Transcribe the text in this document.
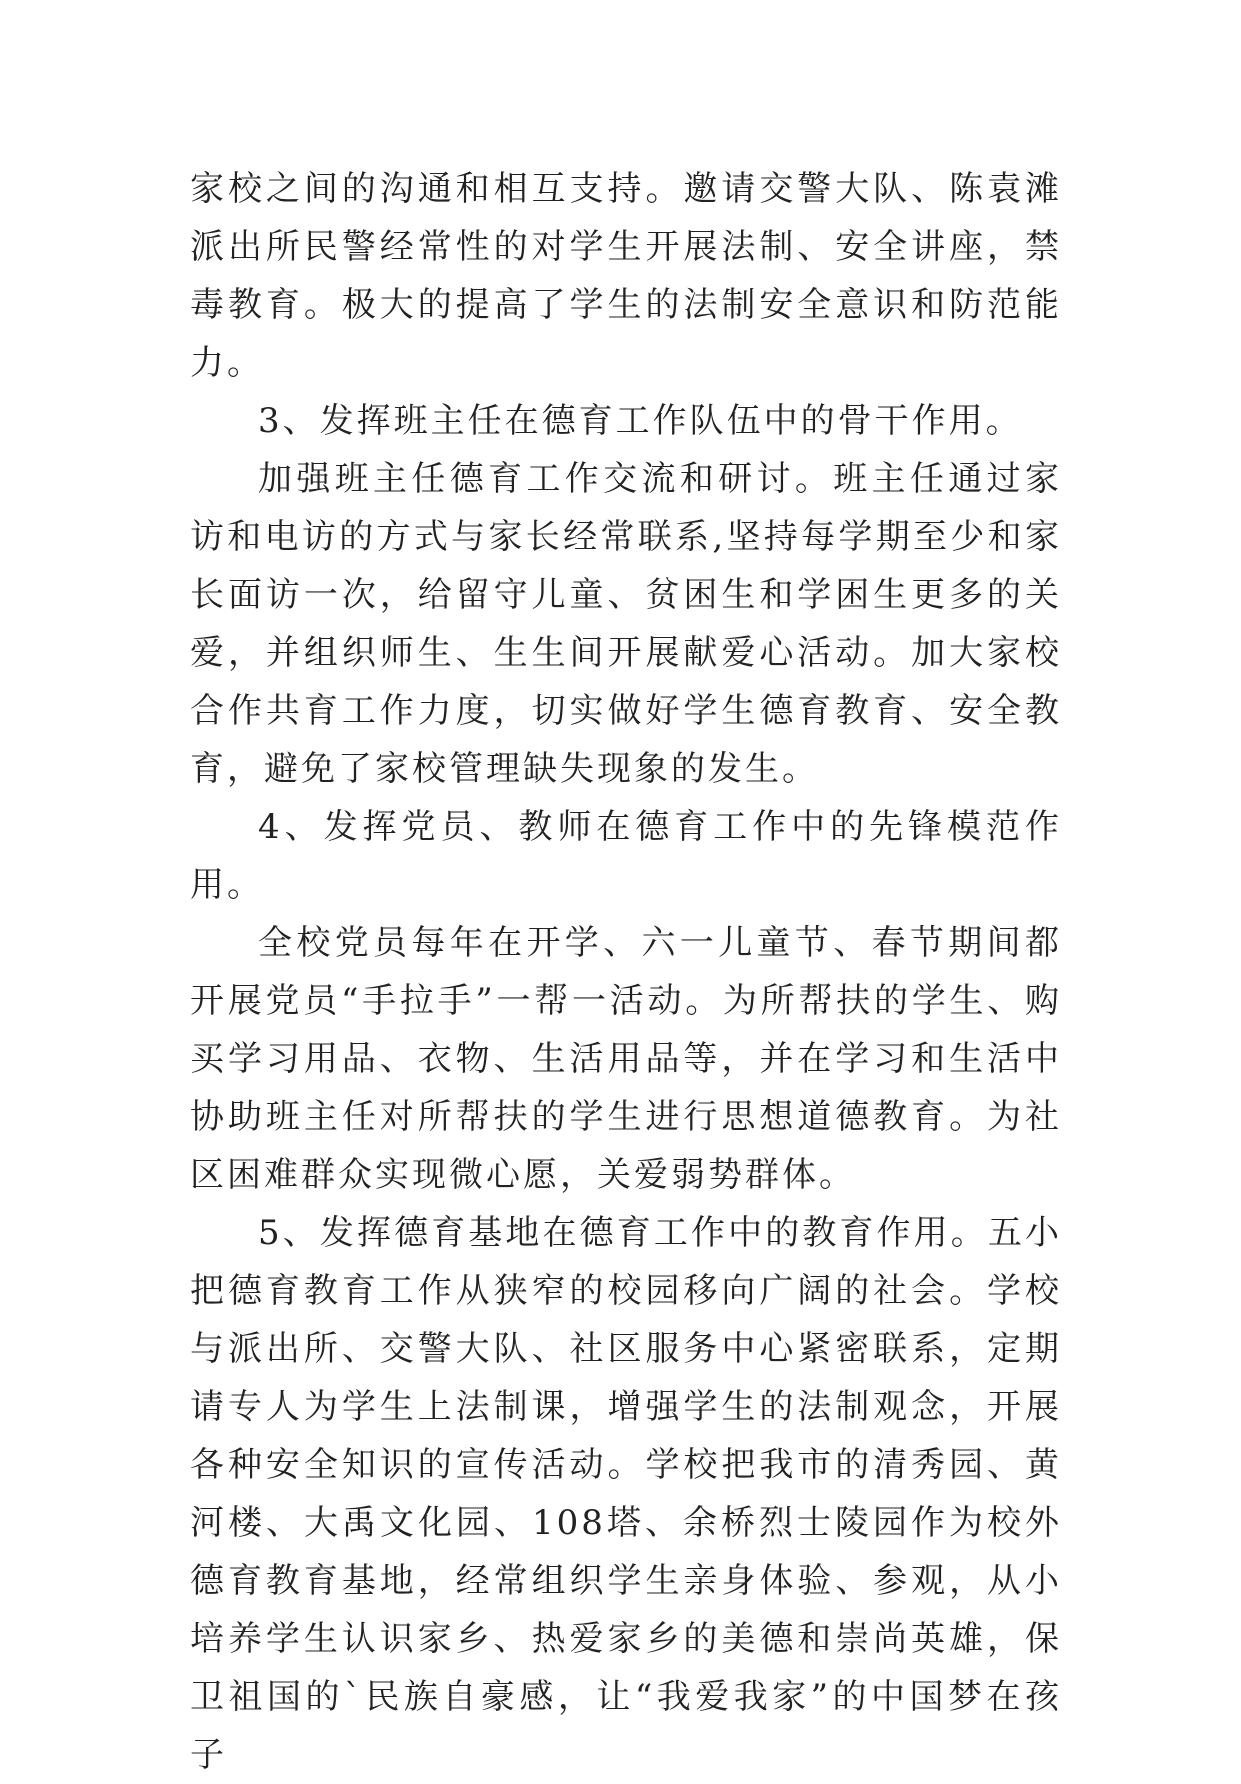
家校之间的沟通和相互支持。邀请交警大队、陈袁滩派出所民警经常性的对学生开展法制、安全讲座，禁毒教育。极大的提高了学生的法制安全意识和防范能力。

3、发挥班主任在德育工作队伍中的骨干作用。

加强班主任德育工作交流和研讨。班主任通过家访和电访的方式与家长经常联系,坚持每学期至少和家长面访一次，给留守儿童、贫困生和学困生更多的关爱，并组织师生、生生间开展献爱心活动。加大家校合作共育工作力度，切实做好学生德育教育、安全教育，避免了家校管理缺失现象的发生。

4、发挥党员、教师在德育工作中的先锋模范作用。

全校党员每年在开学、六一儿童节、春节期间都开展党员“手拉手”一帮一活动。为所帮扶的学生、购买学习用品、衣物、生活用品等，并在学习和生活中协助班主任对所帮扶的学生进行思想道德教育。为社区困难群众实现微心愿，关爱弱势群体。

5、发挥德育基地在德育工作中的教育作用。五小把德育教育工作从狭窄的校园移向广阔的社会。学校与派出所、交警大队、社区服务中心紧密联系，定期请专人为学生上法制课，增强学生的法制观念，开展各种安全知识的宣传活动。学校把我市的清秀园、黄河楼、大禹文化园、108塔、余桥烈士陵园作为校外德育教育基地，经常组织学生亲身体验、参观，从小培养学生认识家乡、热爱家乡的美德和崇尚英雄，保卫祖国的`民族自豪感，让“我爱我家”的中国梦在孩子
